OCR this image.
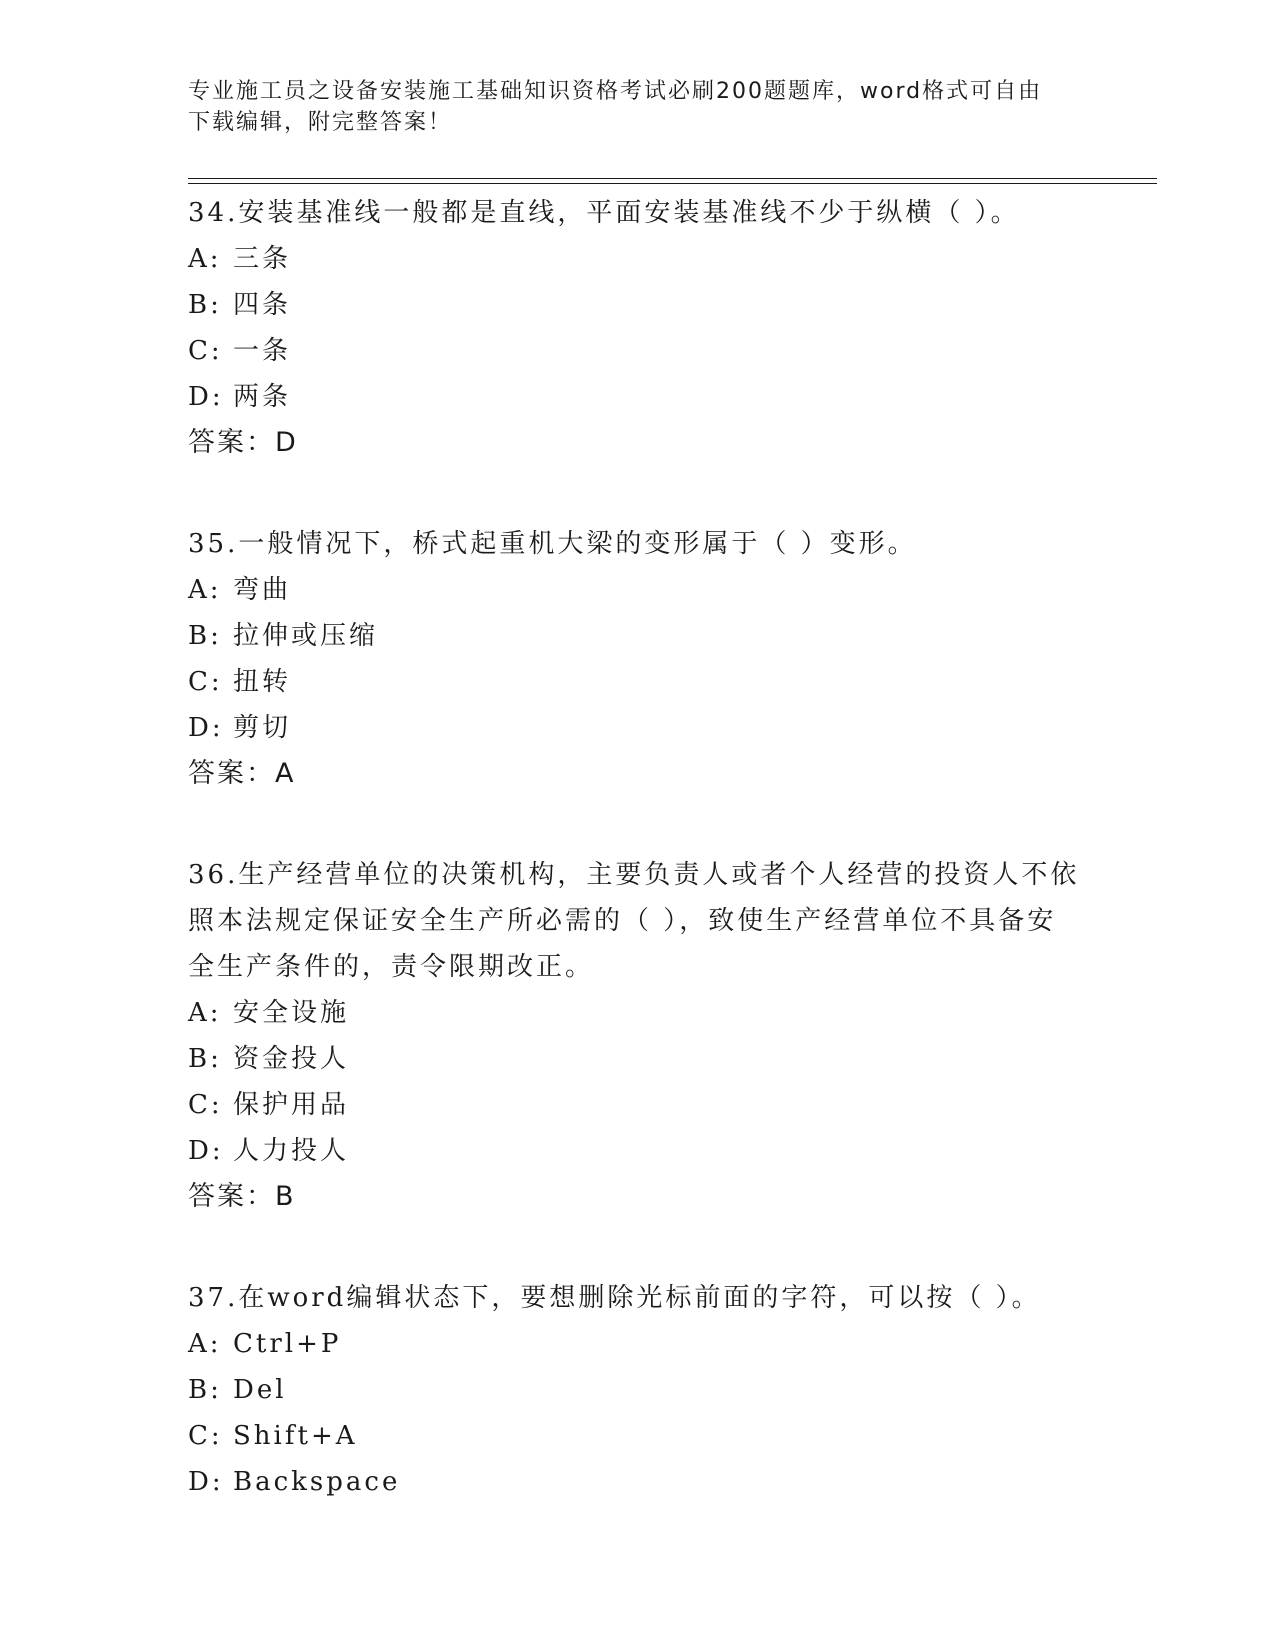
专业施工员之设备安装施工基础知识资格考试必刷200题题库，word格式可自由
下载编辑，附完整答案！

34.安装基准线一般都是直线，平面安装基准线不少于纵横（ ）。

A: 三条

B: 四条

C: 一条

D: 两条

答案：D

35.一般情况下，桥式起重机大梁的变形属于（ ）变形。

A: 弯曲

B: 拉伸或压缩

C: 扭转

D: 剪切

答案：A

36.生产经营单位的决策机构，主要负责人或者个人经营的投资人不依

照本法规定保证安全生产所必需的（ ），致使生产经营单位不具备安

全生产条件的，责令限期改正。

A: 安全设施

B: 资金投人

C: 保护用品

D: 人力投人

答案：B

37.在word编辑状态下，要想删除光标前面的字符，可以按（ ）。

A: Ctrl+P

B: Del

C: Shift+A

D: Backspace
